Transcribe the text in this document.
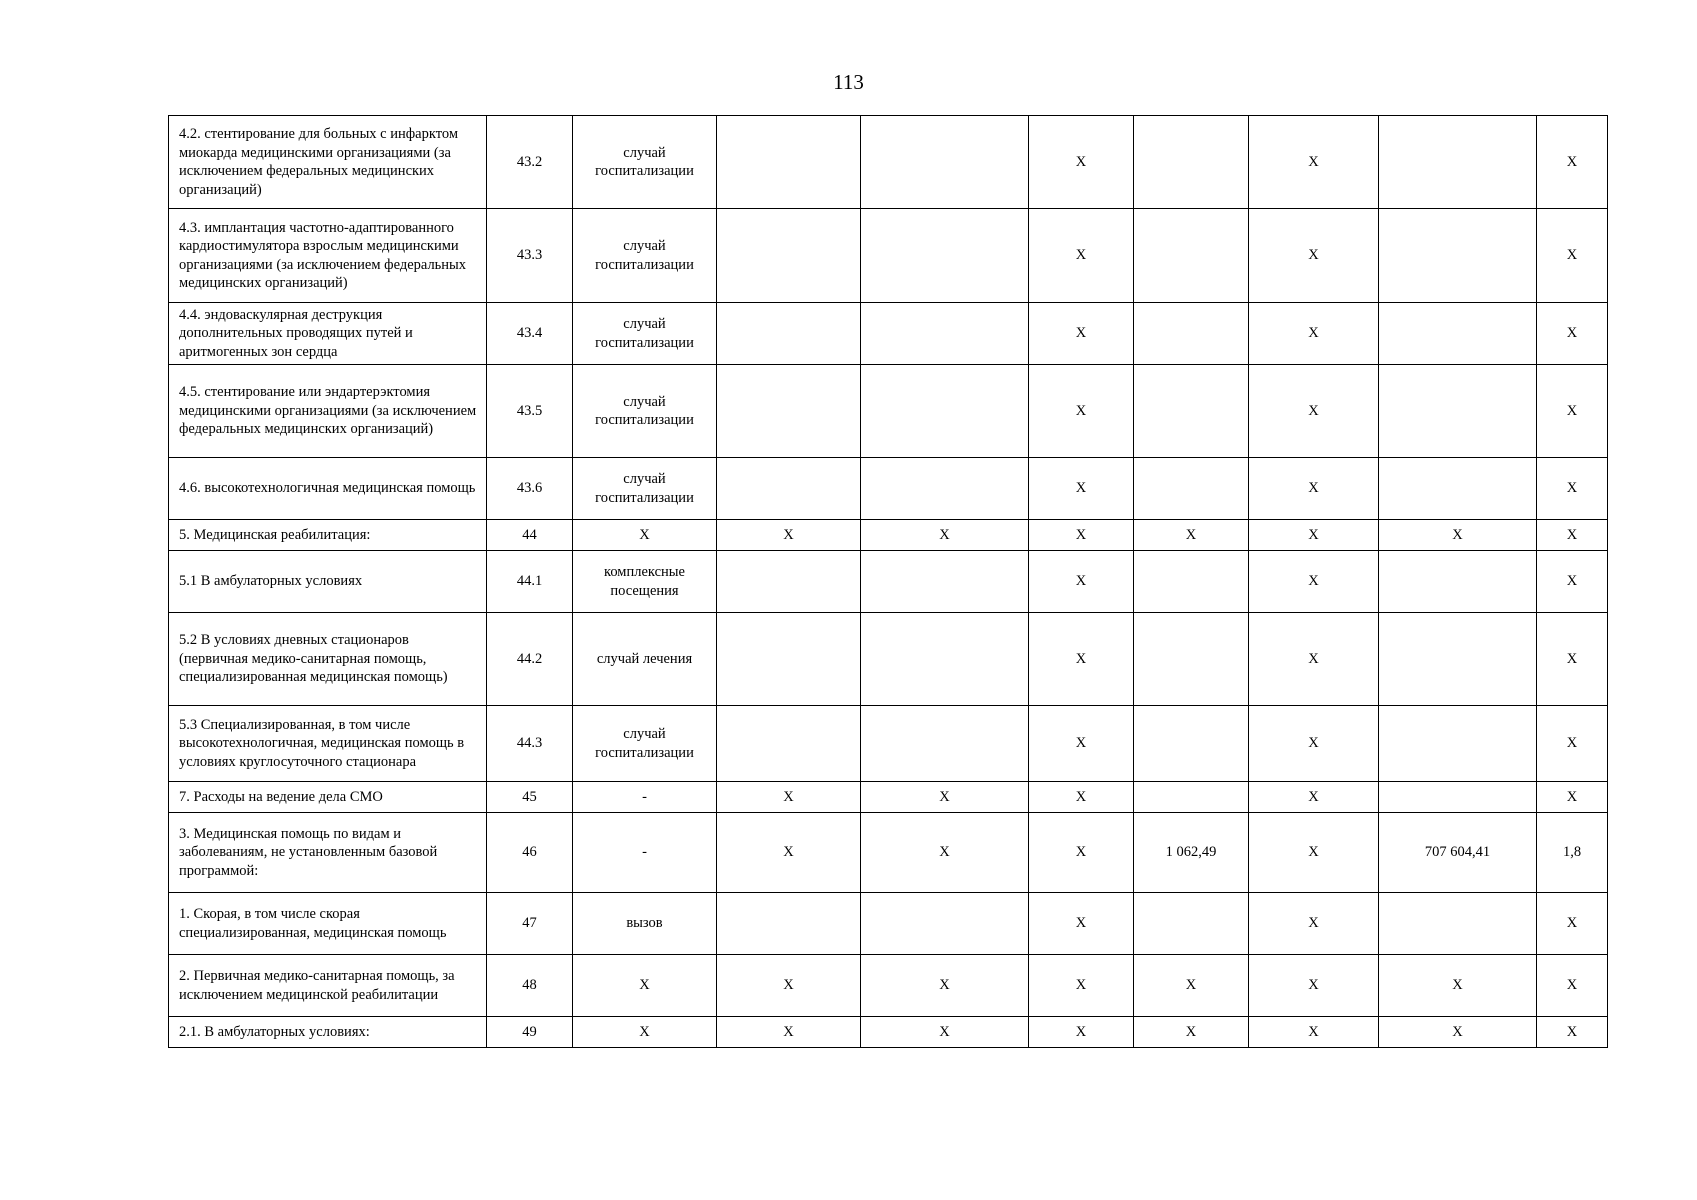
113
4.2. стентирование для больных с инфарктом миокарда медицинскими организациями (за исключением федеральных медицинских организаций)	43.2	случай госпитализации			X		X		X
4.3. имплантация частотно-адаптированного кардиостимулятора взрослым медицинскими организациями (за исключением федеральных медицинских организаций)	43.3	случай госпитализации			X		X		X
4.4. эндоваскулярная деструкция дополнительных проводящих путей и аритмогенных зон сердца	43.4	случай госпитализации			X		X		X
4.5. стентирование или эндартерэктомия медицинскими организациями (за исключением федеральных медицинских организаций)	43.5	случай госпитализации			X		X		X
4.6. высокотехнологичная медицинская помощь	43.6	случай госпитализации			X		X		X
5. Медицинская реабилитация:	44	X	X	X	X	X	X	X	X
5.1 В амбулаторных условиях	44.1	комплексные посещения			X		X		X
5.2 В условиях дневных стационаров (первичная медико-санитарная помощь, специализированная медицинская помощь)	44.2	случай лечения			X		X		X
5.3 Специализированная, в том числе высокотехнологичная, медицинская помощь в условиях круглосуточного стационара	44.3	случай госпитализации			X		X		X
7. Расходы на ведение дела СМО	45	-	X	X	X		X		X
3. Медицинская помощь по видам и заболеваниям, не установленным базовой программой:	46	-	X	X	X	1 062,49	X	707 604,41	1,8
1. Скорая, в том числе скорая специализированная, медицинская помощь	47	вызов			X		X		X
2. Первичная медико-санитарная помощь, за исключением медицинской реабилитации	48	X	X	X	X	X	X	X	X
2.1. В амбулаторных условиях:	49	X	X	X	X	X	X	X	X
